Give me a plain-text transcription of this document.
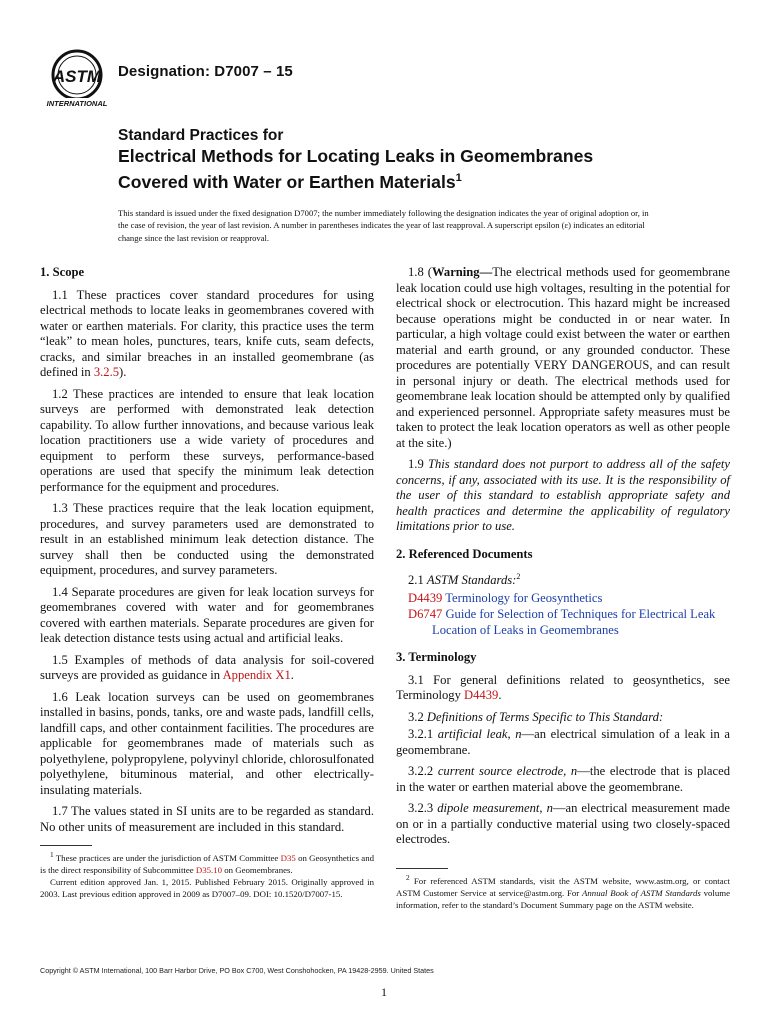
ASTM
INTERNATIONAL
Designation: D7007 – 15
Standard Practices for
Electrical Methods for Locating Leaks in Geomembranes
Covered with Water or Earthen Materials$^1$
This standard is issued under the fixed designation D7007; the number immediately following the designation indicates the year of original adoption or, in the case of revision, the year of last revision. A number in parentheses indicates the year of last reapproval. A superscript epsilon (ε) indicates an editorial change since the last revision or reapproval.
1. Scope

1.1 These practices cover standard procedures for using electrical methods to locate leaks in geomembranes covered with water or earthen materials. For clarity, this practice uses the term “leak” to mean holes, punctures, tears, knife cuts, seam defects, cracks, and similar breaches in an installed geomembrane (as defined in 3.2.5).

1.2 These practices are intended to ensure that leak location surveys are performed with demonstrated leak detection capability. To allow further innovations, and because various leak location practitioners use a wide variety of procedures and equipment to perform these surveys, performance-based operations are used that specify the minimum leak detection performance for the equipment and procedures.

1.3 These practices require that the leak location equipment, procedures, and survey parameters used are demonstrated to result in an established minimum leak detection distance. The survey shall then be conducted using the demonstrated equipment, procedures, and survey parameters.

1.4 Separate procedures are given for leak location surveys for geomembranes covered with water and for geomembranes covered with earthen materials. Separate procedures are given for leak detection distance tests using actual and artificial leaks.

1.5 Examples of methods of data analysis for soil-covered surveys are provided as guidance in Appendix X1.

1.6 Leak location surveys can be used on geomembranes installed in basins, ponds, tanks, ore and waste pads, landfill cells, landfill caps, and other containment facilities. The procedures are applicable for geomembranes made of materials such as polyethylene, polypropylene, polyvinyl chloride, chlorosulfonated polyethylene, bituminous material, and other electrically-insulating materials.

1.7 The values stated in SI units are to be regarded as standard. No other units of measurement are included in this standard.

1.8 (Warning—The electrical methods used for geomembrane leak location could use high voltages, resulting in the potential for electrical shock or electrocution. This hazard might be increased because operations might be conducted in or near water. In particular, a high voltage could exist between the water or earthen material and earth ground, or any grounded conductor. These procedures are potentially VERY DANGEROUS, and can result in personal injury or death. The electrical methods used for geomembrane leak location should be attempted only by qualified and experienced personnel. Appropriate safety measures must be taken to protect the leak location operators as well as other people at the site.)

1.9 This standard does not purport to address all of the safety concerns, if any, associated with its use. It is the responsibility of the user of this standard to establish appropriate safety and health practices and determine the applicability of regulatory limitations prior to use.

2. Referenced Documents

2.1 ASTM Standards:$^2$

D4439 Terminology for Geosynthetics
D6747 Guide for Selection of Techniques for Electrical Leak Location of Leaks in Geomembranes
3. Terminology

3.1 For general definitions related to geosynthetics, see Terminology D4439.

3.2 Definitions of Terms Specific to This Standard:

3.2.1 artificial leak, n—an electrical simulation of a leak in a geomembrane.

3.2.2 current source electrode, n—the electrode that is placed in the water or earthen material above the geomembrane.

3.2.3 dipole measurement, n—an electrical measurement made on or in a partially conductive material using two closely-spaced electrodes.

$^1$ These practices are under the jurisdiction of ASTM Committee D35 on Geosynthetics and is the direct responsibility of Subcommittee D35.10 on Geomembranes.

Current edition approved Jan. 1, 2015. Published February 2015. Originally approved in 2003. Last previous edition approved in 2009 as D7007–09. DOI: 10.1520/D7007-15.

$^2$ For referenced ASTM standards, visit the ASTM website, www.astm.org, or contact ASTM Customer Service at service@astm.org. For Annual Book of ASTM Standards volume information, refer to the standard’s Document Summary page on the ASTM website.

Copyright © ASTM International, 100 Barr Harbor Drive, PO Box C700, West Conshohocken, PA 19428-2959. United States
1
